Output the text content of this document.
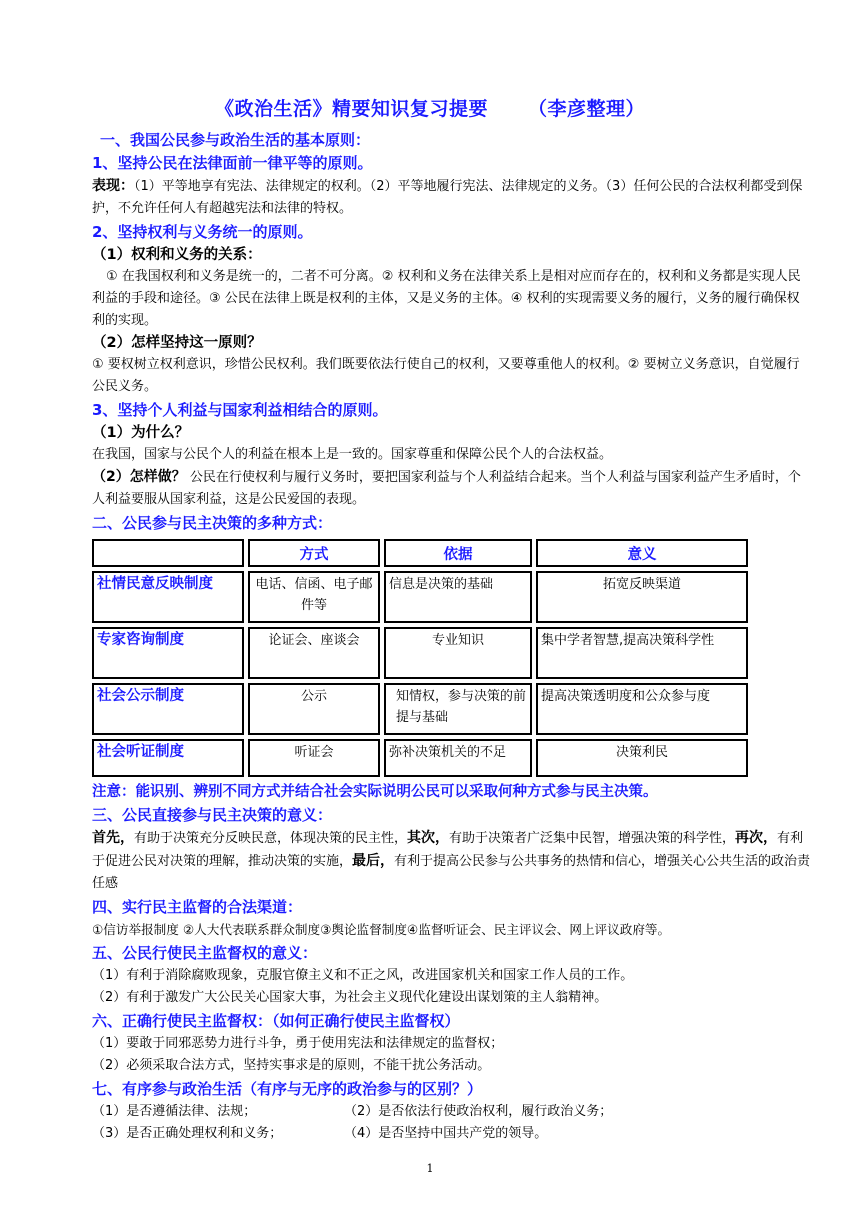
《政治生活》精要知识复习提要 （李彦整理）
一、我国公民参与政治生活的基本原则：
1、坚持公民在法律面前一律平等的原则。

表现：（1）平等地享有宪法、法律规定的权利。（2）平等地履行宪法、法律规定的义务。（3）任何公民的合法权利都受到保护，不允许任何人有超越宪法和法律的特权。

2、坚持权利与义务统一的原则。
（1）权利和义务的关系：

① 在我国权利和义务是统一的，二者不可分离。② 权利和义务在法律关系上是相对应而存在的，权利和义务都是实现人民利益的手段和途径。③ 公民在法律上既是权利的主体，又是义务的主体。④ 权利的实现需要义务的履行，义务的履行确保权利的实现。

（2）怎样坚持这一原则？

① 要权树立权利意识，珍惜公民权利。我们既要依法行使自己的权利，又要尊重他人的权利。② 要树立义务意识，自觉履行公民义务。

3、坚持个人利益与国家利益相结合的原则。
（1）为什么？

在我国，国家与公民个人的利益在根本上是一致的。国家尊重和保障公民个人的合法权益。

（2）怎样做？ 公民在行使权利与履行义务时，要把国家利益与个人利益结合起来。当个人利益与国家利益产生矛盾时，个人利益要服从国家利益，这是公民爱国的表现。

二、公民参与民主决策的多种方式：
	方式	依据	意义
社情民意反映制度	电话、信函、电子邮件等	信息是决策的基础	拓宽反映渠道
专家咨询制度	论证会、座谈会	专业知识	集中学者智慧,提高决策科学性
社会公示制度	公示	知情权，参与决策的前提与基础	提高决策透明度和公众参与度
社会听证制度	听证会	弥补决策机关的不足	决策利民
注意：能识别、辨别不同方式并结合社会实际说明公民可以采取何种方式参与民主决策。
三、公民直接参与民主决策的意义：

首先，有助于决策充分反映民意，体现决策的民主性，其次，有助于决策者广泛集中民智，增强决策的科学性，再次，有利于促进公民对决策的理解，推动决策的实施，最后，有利于提高公民参与公共事务的热情和信心，增强关心公共生活的政治责任感

四、实行民主监督的合法渠道：

①信访举报制度 ②人大代表联系群众制度③舆论监督制度④监督听证会、民主评议会、网上评议政府等。

五、公民行使民主监督权的意义：

（1）有利于消除腐败现象，克服官僚主义和不正之风，改进国家机关和国家工作人员的工作。

（2）有利于激发广大公民关心国家大事，为社会主义现代化建设出谋划策的主人翁精神。

六、正确行使民主监督权：（如何正确行使民主监督权）

（1）要敢于同邪恶势力进行斗争，勇于使用宪法和法律规定的监督权；

（2）必须采取合法方式，坚持实事求是的原则，不能干扰公务活动。

七、有序参与政治生活（有序与无序的政治参与的区别？）
（1）是否遵循法律、法规；	（2）是否依法行使政治权利，履行政治义务；
（3）是否正确处理权利和义务；	（4）是否坚持中国共产党的领导。
1
